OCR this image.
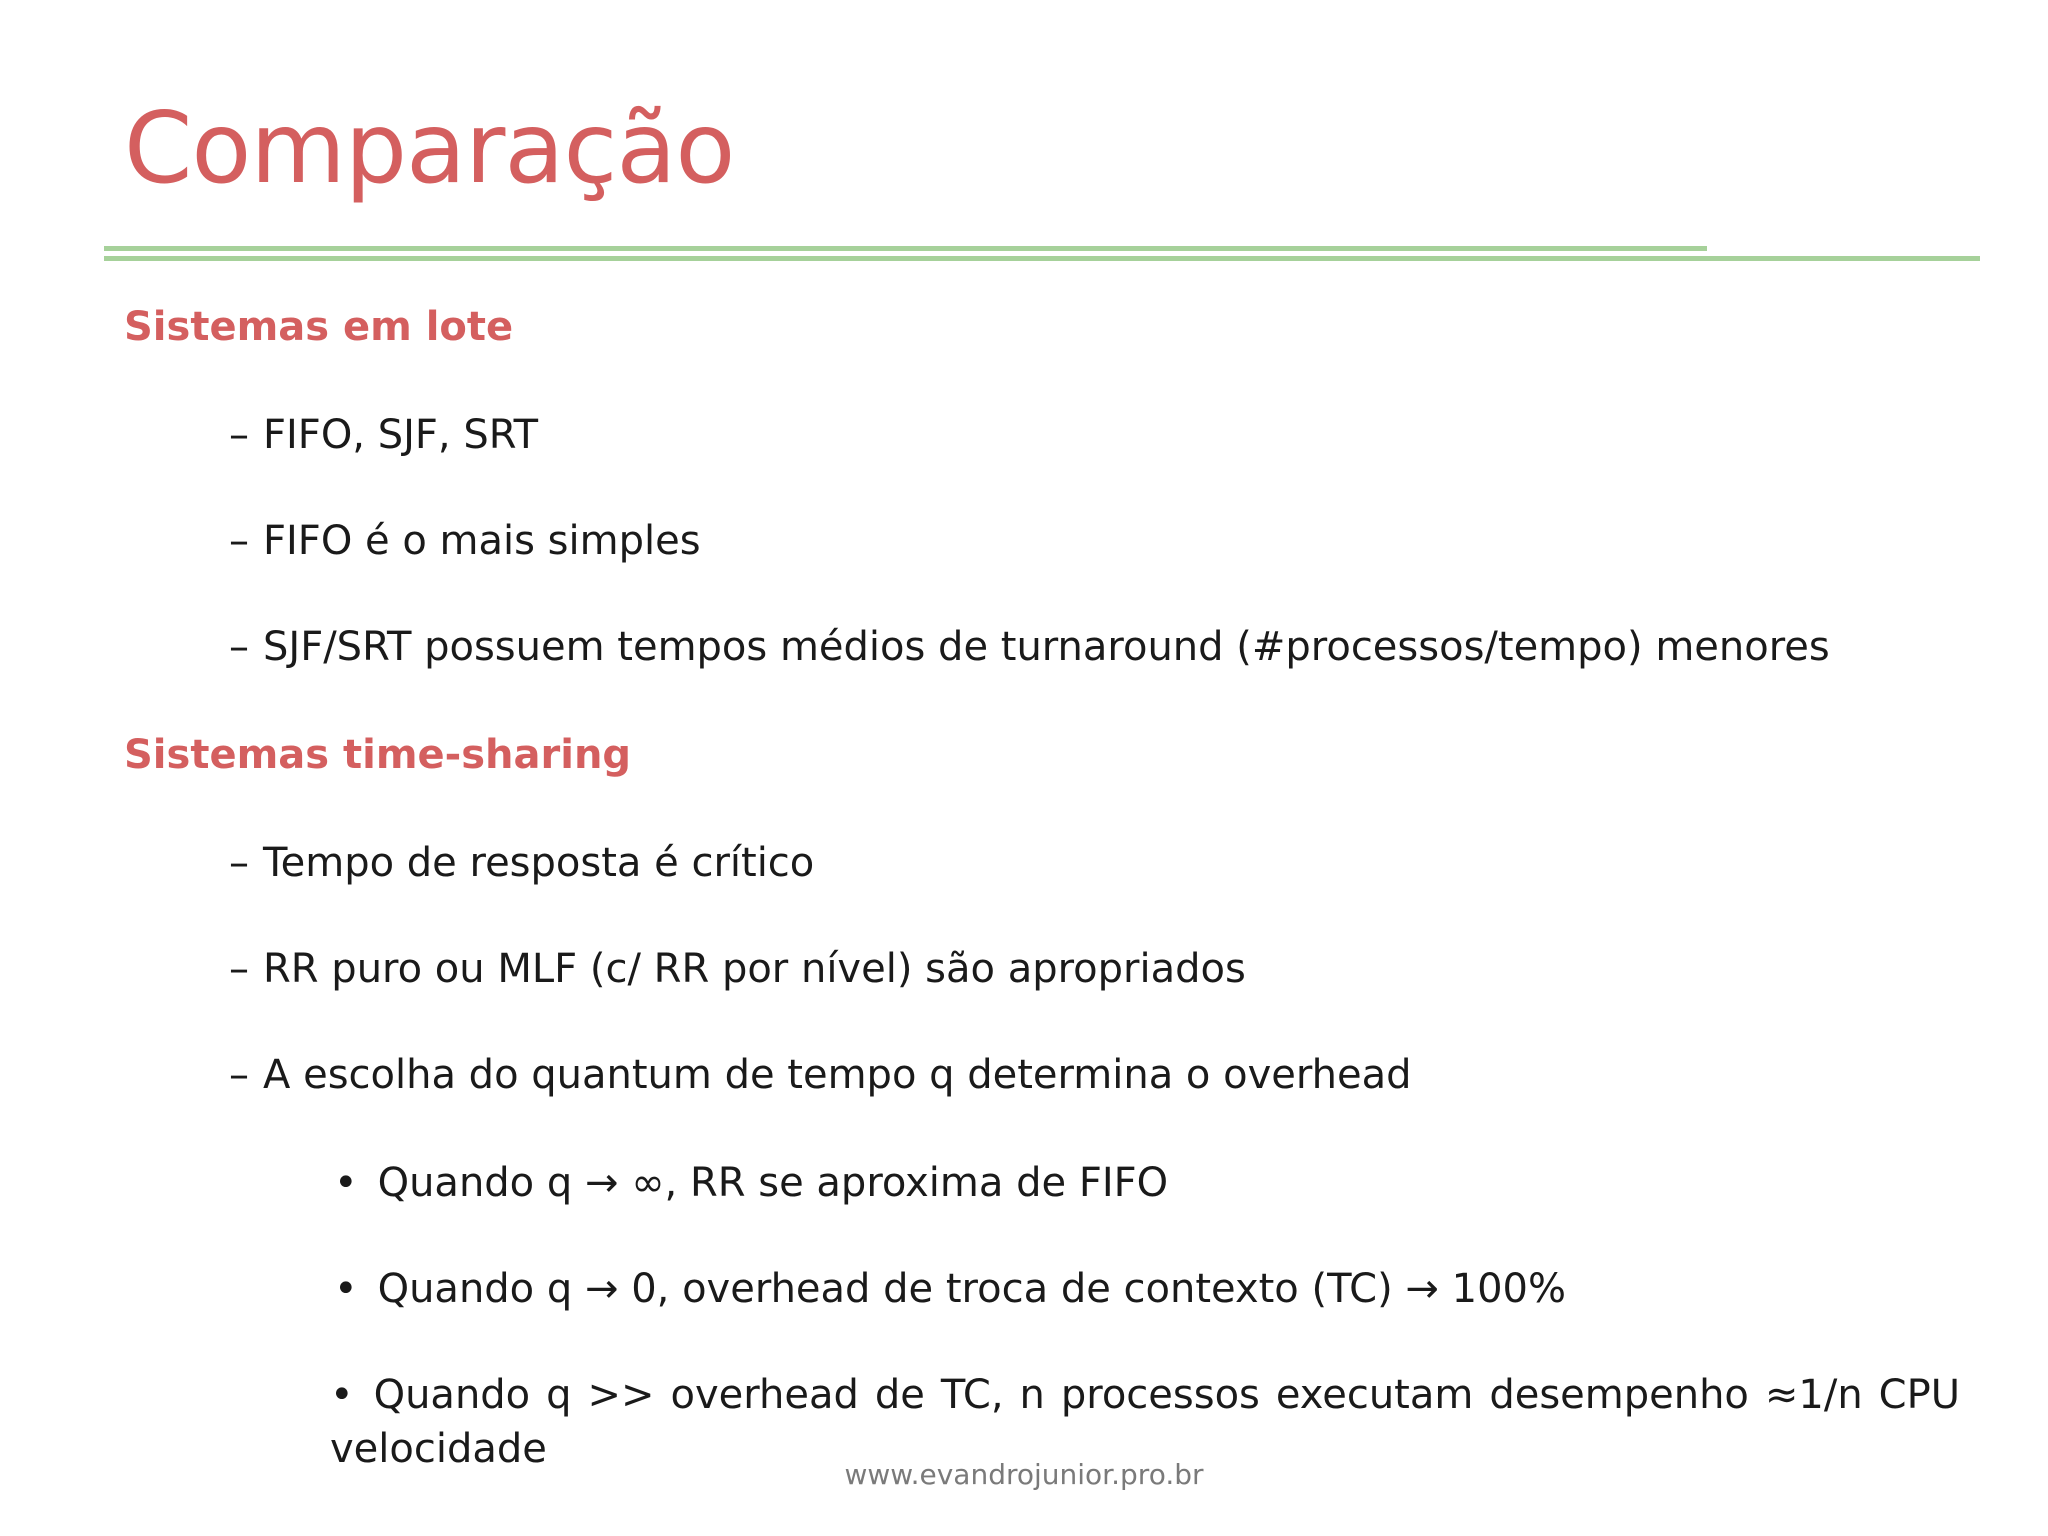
Comparação
Sistemas em lote
– FIFO, SJF, SRT
– FIFO é o mais simples
– SJF/SRT possuem tempos médios de turnaround (#processos/tempo) menores
Sistemas time-sharing
– Tempo de resposta é crítico
– RR puro ou MLF (c/ RR por nível) são apropriados
– A escolha do quantum de tempo q determina o overhead
• Quando q → ∞, RR se aproxima de FIFO
• Quando q → 0, overhead de troca de contexto (TC) → 100%
• Quando q >> overhead de TC, n processos executam desempenho ≈1/n CPU velocidade
www.evandrojunior.pro.br
